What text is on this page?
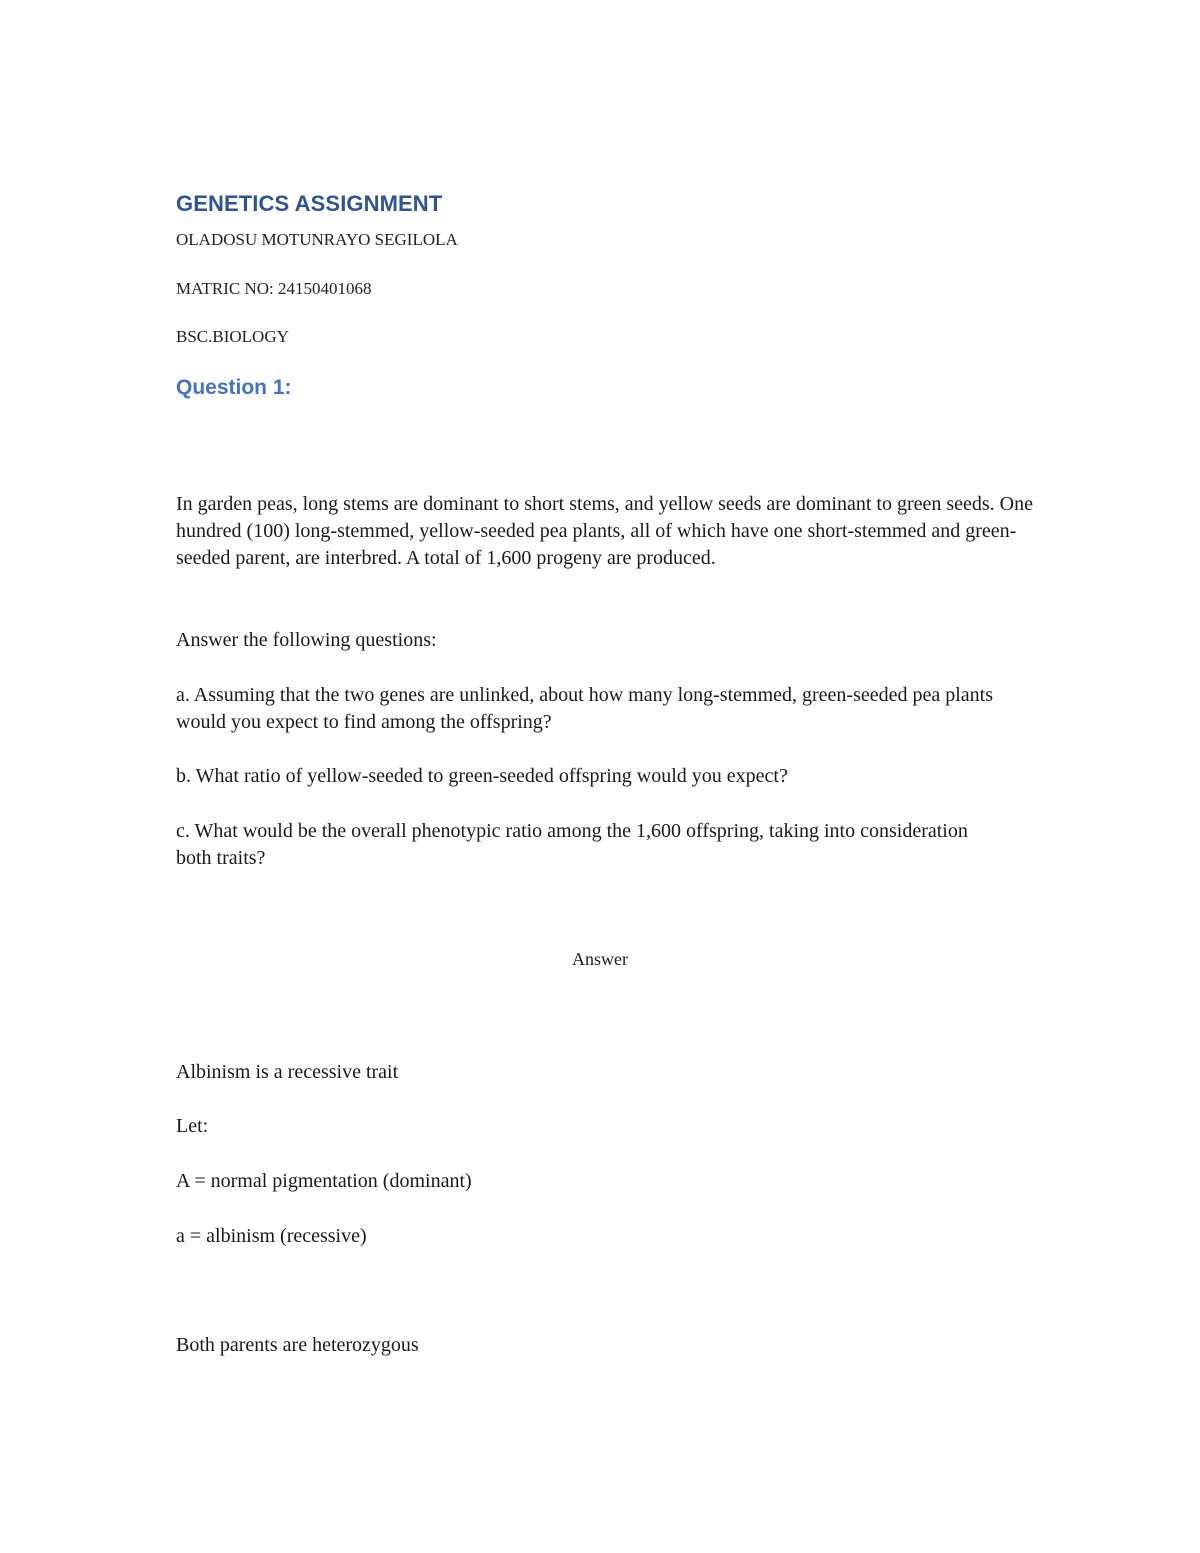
GENETICS ASSIGNMENT

OLADOSU MOTUNRAYO SEGILOLA

MATRIC NO: 24150401068

BSC.BIOLOGY

Question 1:

In garden peas, long stems are dominant to short stems, and yellow seeds are dominant to green seeds. One hundred (100) long-stemmed, yellow-seeded pea plants, all of which have one short-stemmed and green-seeded parent, are interbred. A total of 1,600 progeny are produced.

Answer the following questions:

a. Assuming that the two genes are unlinked, about how many long-stemmed, green-seeded pea plants would you expect to find among the offspring?

b. What ratio of yellow-seeded to green-seeded offspring would you expect?

c. What would be the overall phenotypic ratio among the 1,600 offspring, taking into consideration both traits?

Answer

Albinism is a recessive trait

Let:

A = normal pigmentation (dominant)

a = albinism (recessive)

Both parents are heterozygous
